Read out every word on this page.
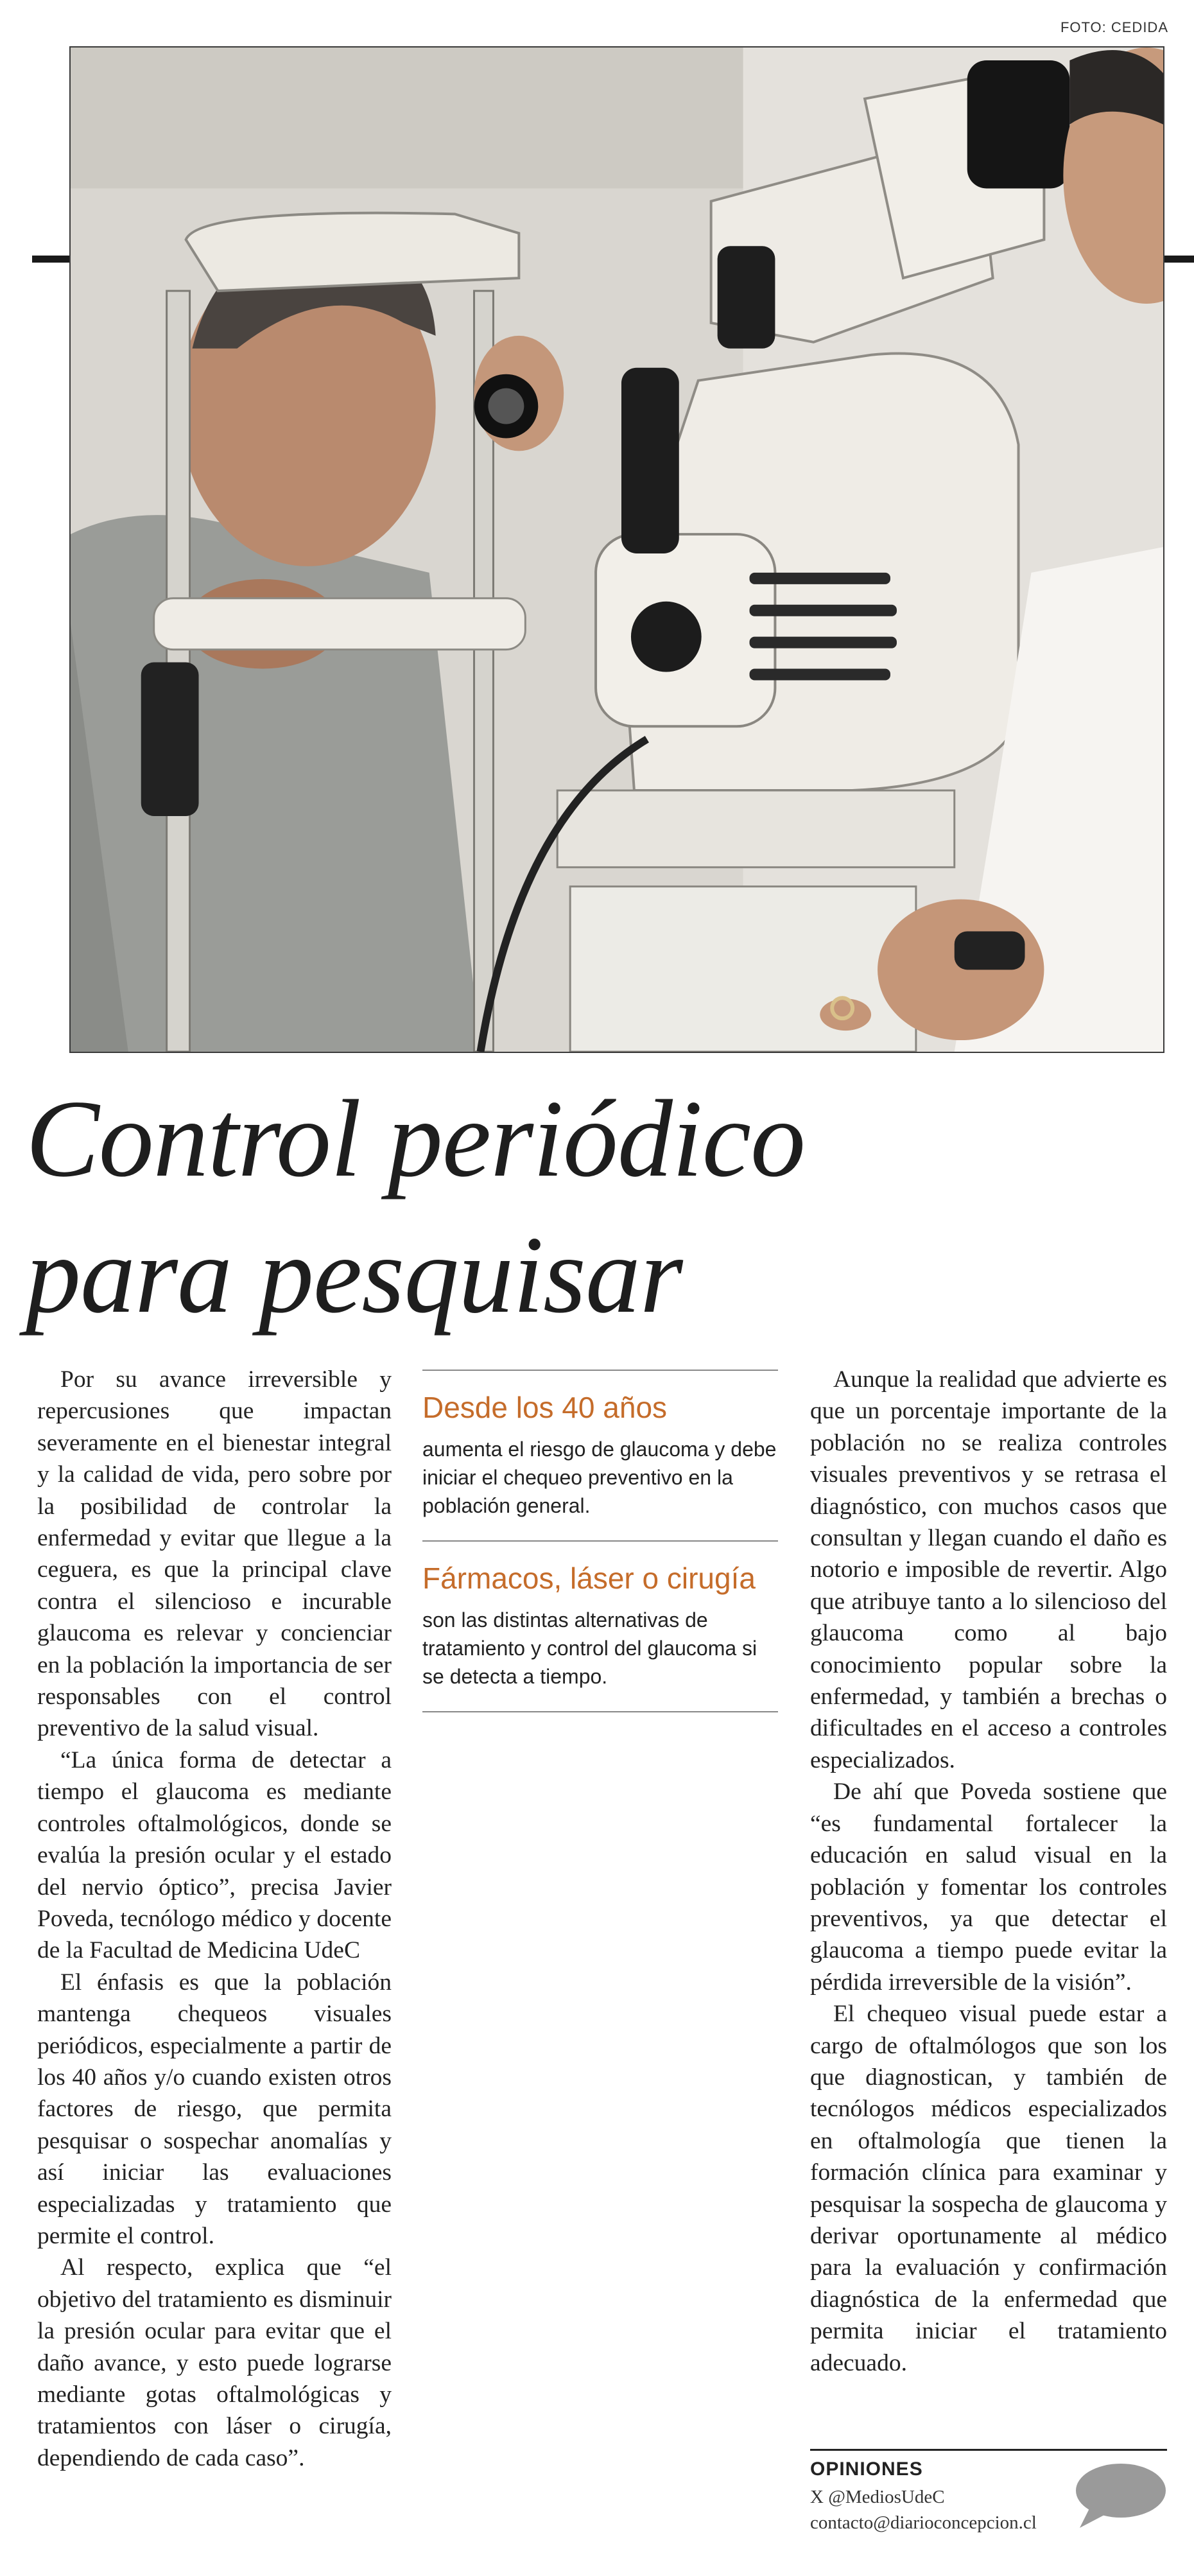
FOTO: CEDIDA
Control periódico
para pesquisar

Por su avance irreversible y repercusiones que impactan severamente en el bienestar integral y la calidad de vida, pero sobre por la posibilidad de controlar la enfermedad y evitar que llegue a la ceguera, es que la principal clave contra el silencioso e incurable glaucoma es relevar y concienciar en la población la importancia de ser responsables con el control preventivo de la salud visual.

“La única forma de detectar a tiempo el glaucoma es mediante controles oftalmológicos, donde se evalúa la presión ocular y el estado del nervio óptico”, precisa Javier Poveda, tecnólogo médico y docente de la Facultad de Medicina UdeC

El énfasis es que la población mantenga chequeos visuales periódicos, especialmente a partir de los 40 años y/o cuando existen otros factores de riesgo, que permita pesquisar o sospechar anomalías y así iniciar las evaluaciones especializadas y tratamiento que permite el control.

Al respecto, explica que “el objetivo del tratamiento es disminuir la presión ocular para evitar que el daño avance, y esto puede lograrse mediante gotas oftalmológicas y tratamientos con láser o cirugía, dependiendo de cada caso”.

Desde los 40 años
aumenta el riesgo de glaucoma y debe iniciar el chequeo preventivo en la población general.
Fármacos, láser o cirugía
son las distintas alternativas de tratamiento y control del glaucoma si se detecta a tiempo.

Aunque la realidad que advierte es que un porcentaje importante de la población no se realiza controles visuales preventivos y se retrasa el diagnóstico, con muchos casos que consultan y llegan cuando el daño es notorio e imposible de revertir. Algo que atribuye tanto a lo silencioso del glaucoma como al bajo conocimiento popular sobre la enfermedad, y también a brechas o dificultades en el acceso a controles especializados.

De ahí que Poveda sostiene que “es fundamental fortalecer la educación en salud visual en la población y fomentar los controles preventivos, ya que detectar el glaucoma a tiempo puede evitar la pérdida irreversible de la visión”.

El chequeo visual puede estar a cargo de oftalmólogos que son los que diagnostican, y también de tecnólogos médicos especializados en oftalmología que tienen la formación clínica para examinar y pesquisar la sospecha de glaucoma y derivar oportunamente al médico para la evaluación y confirmación diagnóstica de la enfermedad que permita iniciar el tratamiento adecuado.

OPINIONES
X @MediosUdeC
contacto@diarioconcepcion.cl
